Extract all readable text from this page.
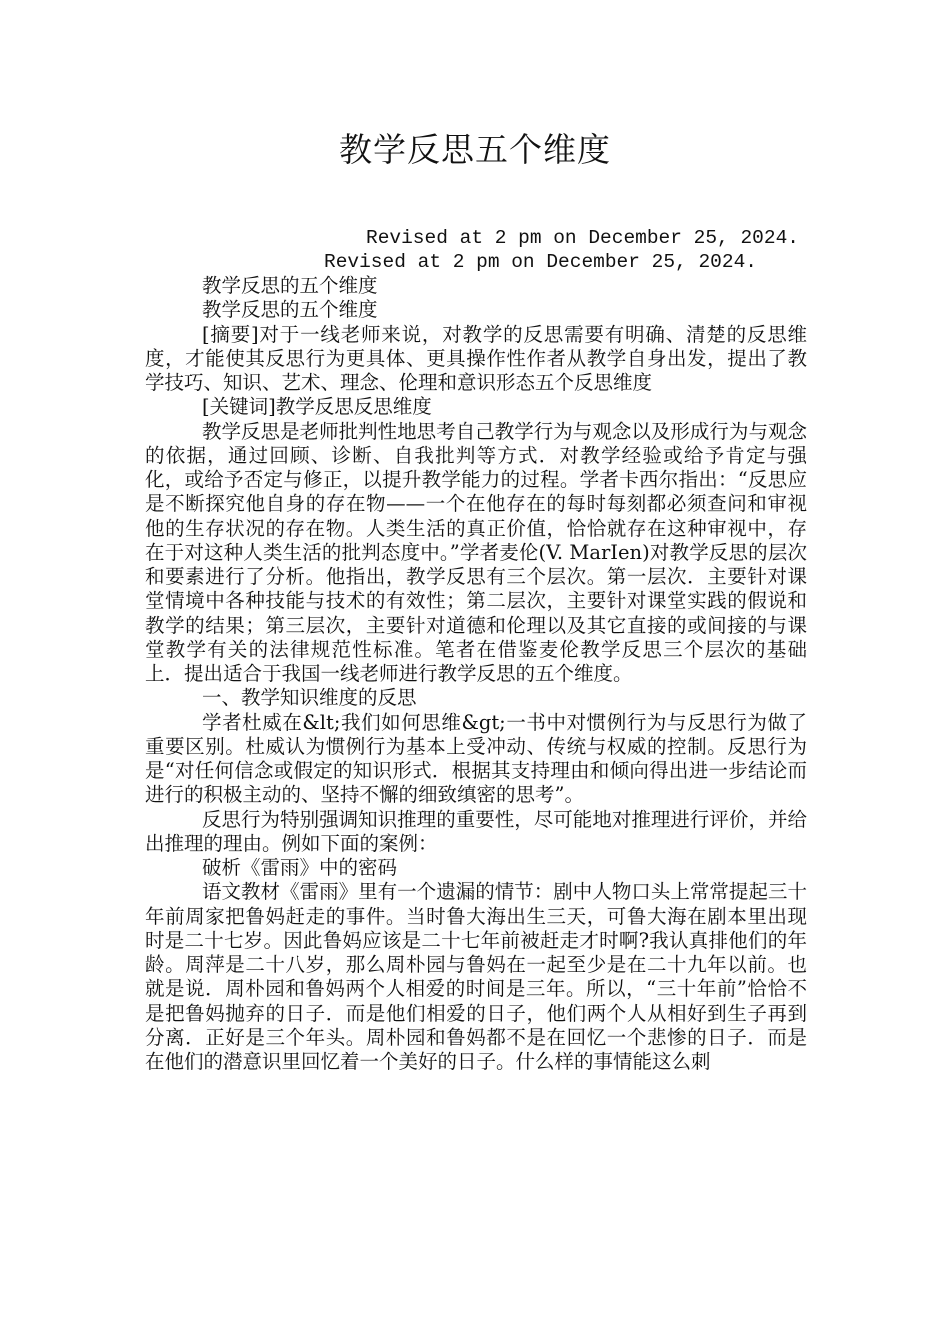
教学反思五个维度

Revised at 2 pm on December 25, 2024.

Revised at 2 pm on December 25, 2024.

教学反思的五个维度

教学反思的五个维度

[摘要]对于一线老师来说，对教学的反思需要有明确、清楚的反思维度，才能使其反思行为更具体、更具操作性作者从教学自身出发，提出了教学技巧、知识、艺术、理念、伦理和意识形态五个反思维度

[关键词]教学反思反思维度

教学反思是老师批判性地思考自己教学行为与观念以及形成行为与观念的依据，通过回顾、诊断、自我批判等方式．对教学经验或给予肯定与强化，或给予否定与修正，以提升教学能力的过程。学者卡西尔指出：“反思应是不断探究他自身的存在物——一个在他存在的每时每刻都必须查问和审视他的生存状况的存在物。人类生活的真正价值，恰恰就存在这种审视中，存在于对这种人类生活的批判态度中。”学者麦伦(V. MarIen)对教学反思的层次和要素进行了分析。他指出，教学反思有三个层次。第一层次．主要针对课堂情境中各种技能与技术的有效性；第二层次，主要针对课堂实践的假说和教学的结果；第三层次，主要针对道德和伦理以及其它直接的或间接的与课堂教学有关的法律规范性标准。笔者在借鉴麦伦教学反思三个层次的基础上．提出适合于我国一线老师进行教学反思的五个维度。

一、教学知识维度的反思

学者杜威在&lt;我们如何思维&gt;一书中对惯例行为与反思行为做了重要区别。杜威认为惯例行为基本上受冲动、传统与权威的控制。反思行为是“对任何信念或假定的知识形式．根据其支持理由和倾向得出进一步结论而进行的积极主动的、坚持不懈的细致缜密的思考”。

反思行为特别强调知识推理的重要性，尽可能地对推理进行评价，并给出推理的理由。例如下面的案例：

破析《雷雨》中的密码

语文教材《雷雨》里有一个遗漏的情节：剧中人物口头上常常提起三十年前周家把鲁妈赶走的事件。当时鲁大海出生三天，可鲁大海在剧本里出现时是二十七岁。因此鲁妈应该是二十七年前被赶走才时啊?我认真排他们的年龄。周萍是二十八岁，那么周朴园与鲁妈在一起至少是在二十九年以前。也就是说．周朴园和鲁妈两个人相爱的时间是三年。所以，“三十年前”恰恰不是把鲁妈抛弃的日子．而是他们相爱的日子，他们两个人从相好到生子再到分离．正好是三个年头。周朴园和鲁妈都不是在回忆一个悲惨的日子．而是在他们的潜意识里回忆着一个美好的日子。什么样的事情能这么刺
